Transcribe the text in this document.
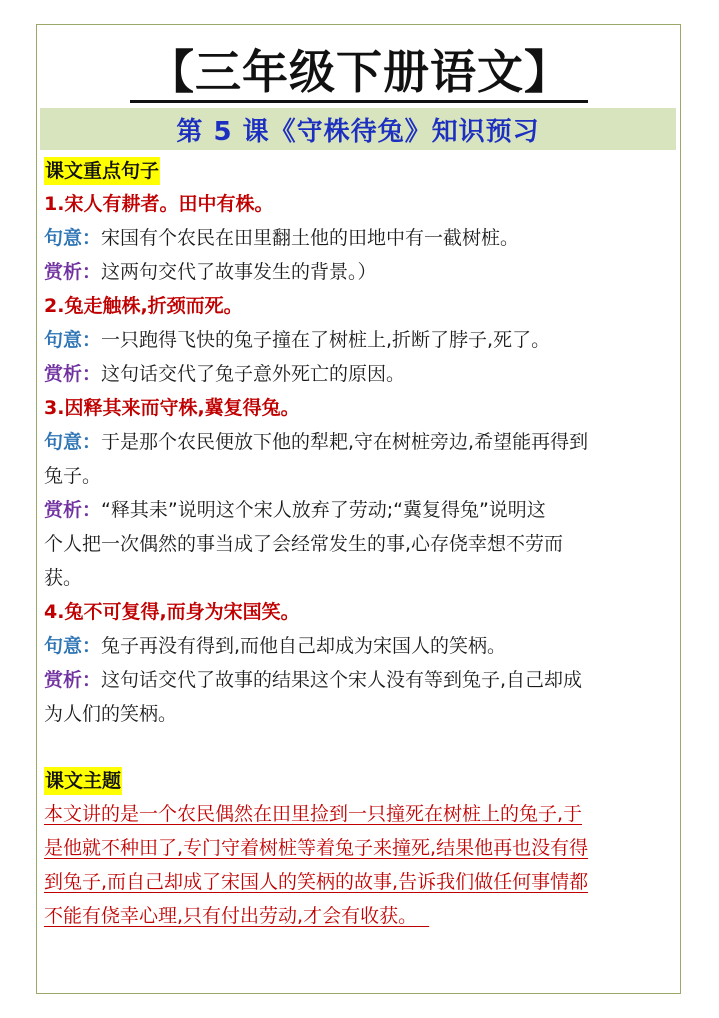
【三年级下册语文】
第 5 课《守株待兔》知识预习
课文重点句子
1.宋人有耕者。田中有株。
句意：宋国有个农民在田里翻土他的田地中有一截树桩。
赏析：这两句交代了故事发生的背景。）
2.兔走触株,折颈而死。
句意：一只跑得飞快的兔子撞在了树桩上,折断了脖子,死了。
赏析：这句话交代了兔子意外死亡的原因。
3.因释其来而守株,冀复得兔。
句意：于是那个农民便放下他的犁耙,守在树桩旁边,希望能再得到
兔子。
赏析：“释其耒”说明这个宋人放弃了劳动;“冀复得兔”说明这
个人把一次偶然的事当成了会经常发生的事,心存侥幸想不劳而
获。
4.兔不可复得,而身为宋国笑。
句意：兔子再没有得到,而他自己却成为宋国人的笑柄。
赏析：这句话交代了故事的结果这个宋人没有等到兔子,自己却成
为人们的笑柄。
课文主题
本文讲的是一个农民偶然在田里捡到一只撞死在树桩上的兔子,于
是他就不种田了,专门守着树桩等着兔子来撞死,结果他再也没有得
到兔子,而自己却成了宋国人的笑柄的故事,告诉我们做任何事情都
不能有侥幸心理,只有付出劳动,才会有收获。
